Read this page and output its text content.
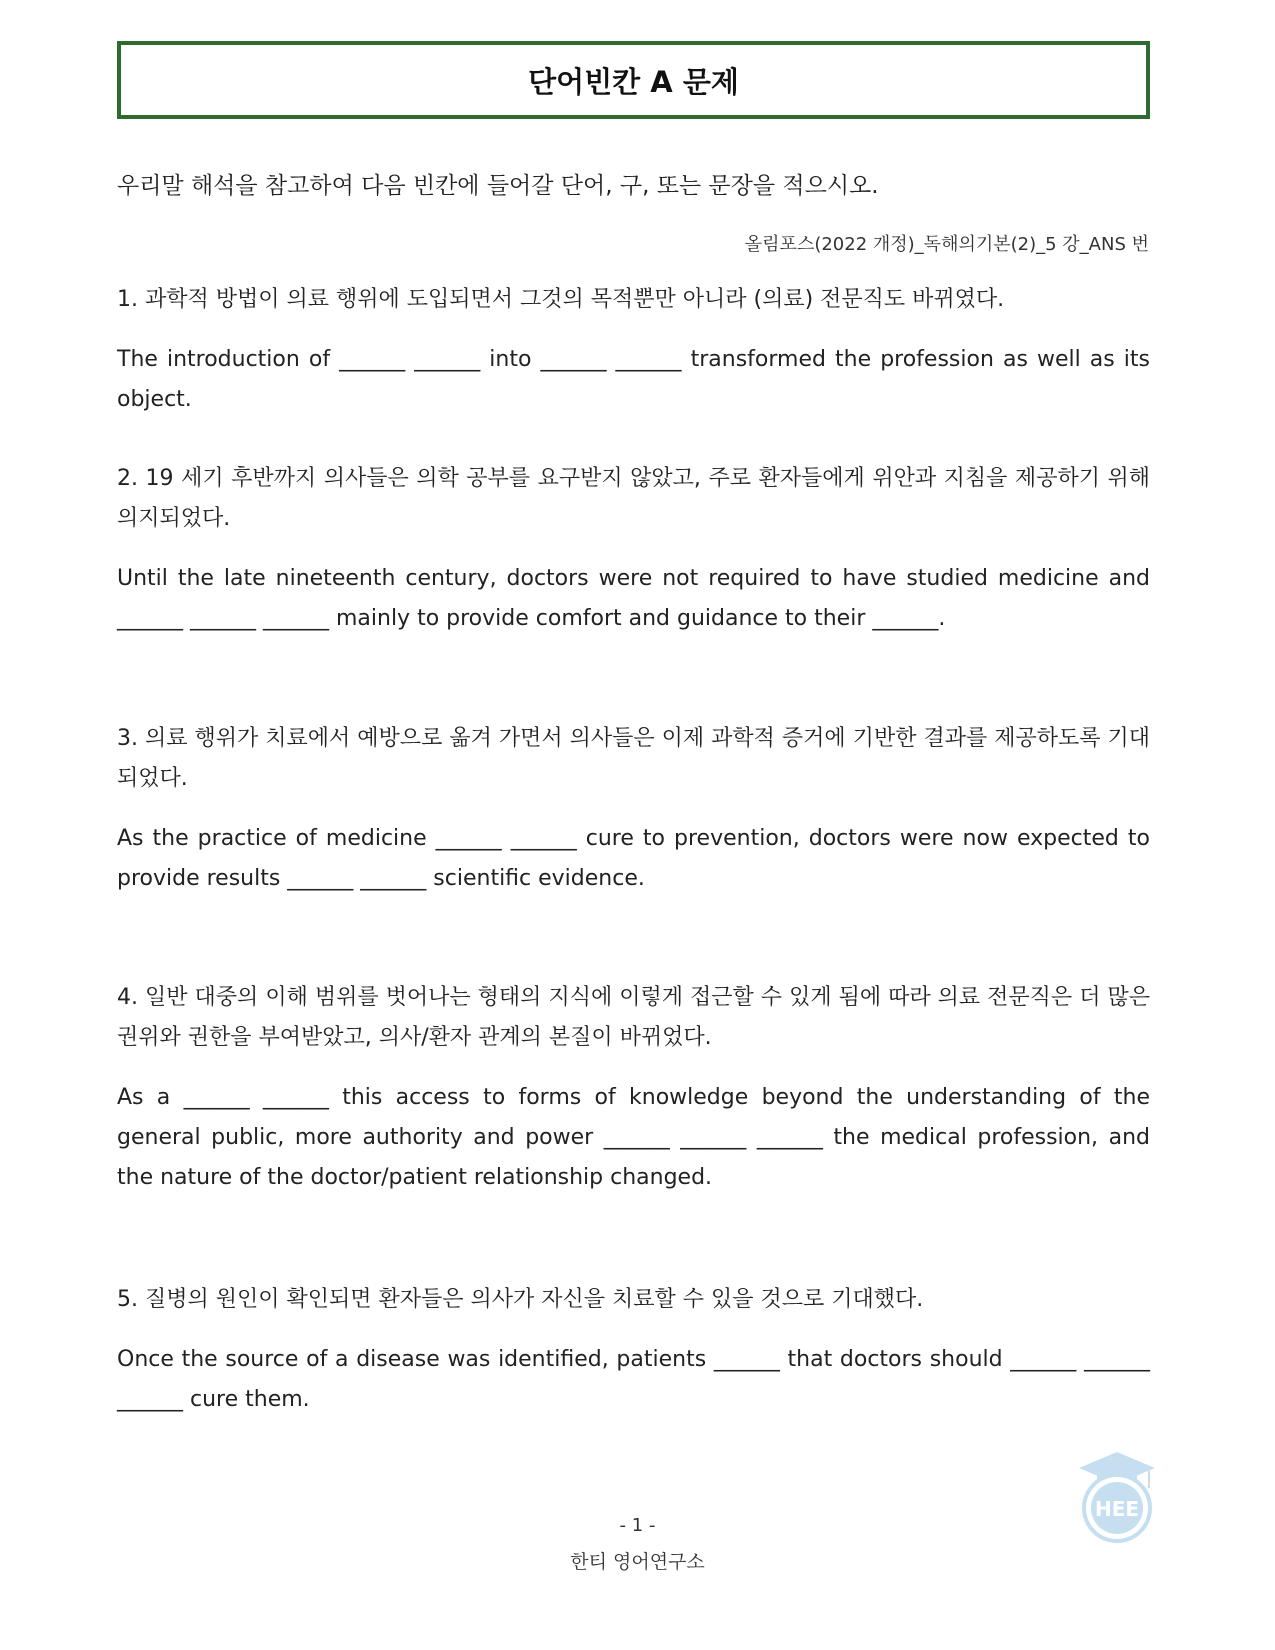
단어빈칸 A 문제
우리말 해석을 참고하여 다음 빈칸에 들어갈 단어, 구, 또는 문장을 적으시오.
올림포스(2022 개정)_독해의기본(2)_5 강_ANS 번

1. 과학적 방법이 의료 행위에 도입되면서 그것의 목적뿐만 아니라 (의료) 전문직도 바뀌였다.

The introduction of ______ ______ into ______ ______ transformed the profession as well as its object.

2. 19 세기 후반까지 의사들은 의학 공부를 요구받지 않았고, 주로 환자들에게 위안과 지침을 제공하기 위해 의지되었다.

Until the late nineteenth century, doctors were not required to have studied medicine and ______ ______ ______ mainly to provide comfort and guidance to their ______.

3. 의료 행위가 치료에서 예방으로 옮겨 가면서 의사들은 이제 과학적 증거에 기반한 결과를 제공하도록 기대되었다.

As the practice of medicine ______ ______ cure to prevention, doctors were now expected to provide results ______ ______ scientific evidence.

4. 일반 대중의 이해 범위를 벗어나는 형태의 지식에 이렇게 접근할 수 있게 됨에 따라 의료 전문직은 더 많은 권위와 권한을 부여받았고, 의사/환자 관계의 본질이 바뀌었다.

As a ______ ______ this access to forms of knowledge beyond the understanding of the general public, more authority and power ______ ______ ______ the medical profession, and the nature of the doctor/patient relationship changed.

5. 질병의 원인이 확인되면 환자들은 의사가 자신을 치료할 수 있을 것으로 기대했다.

Once the source of a disease was identified, patients ______ that doctors should ______ ______ ______ cure them.

HEE
- 1 -
한티 영어연구소
